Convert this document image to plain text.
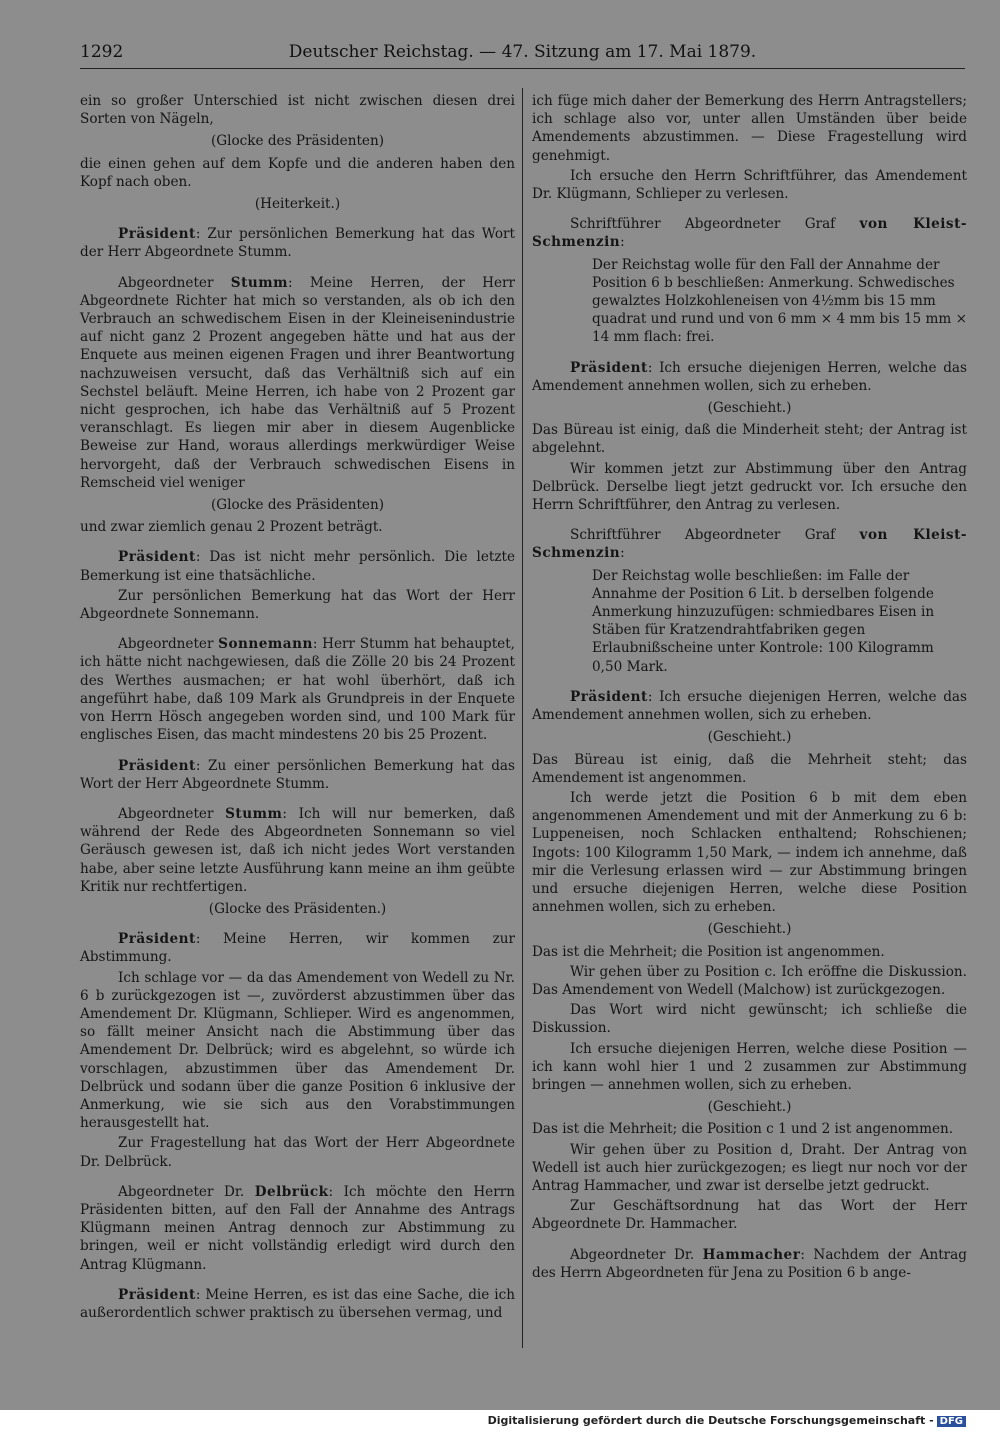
1292	Deutscher Reichstag. — 47. Sitzung am 17. Mai 1879.

ein so großer Unterschied ist nicht zwischen diesen drei Sorten von Nägeln,

(Glocke des Präsidenten)

die einen gehen auf dem Kopfe und die anderen haben den Kopf nach oben.

(Heiterkeit.)

Präsident: Zur persönlichen Bemerkung hat das Wort der Herr Abgeordnete Stumm.

Abgeordneter Stumm: Meine Herren, der Herr Abgeordnete Richter hat mich so verstanden, als ob ich den Verbrauch an schwedischem Eisen in der Kleineisenindustrie auf nicht ganz 2 Prozent angegeben hätte und hat aus der Enquete aus meinen eigenen Fragen und ihrer Beantwortung nachzuweisen versucht, daß das Verhältniß sich auf ein Sechstel beläuft. Meine Herren, ich habe von 2 Prozent gar nicht gesprochen, ich habe das Verhältniß auf 5 Prozent veranschlagt. Es liegen mir aber in diesem Augenblicke Beweise zur Hand, woraus allerdings merkwürdiger Weise hervorgeht, daß der Verbrauch schwedischen Eisens in Remscheid viel weniger

(Glocke des Präsidenten)

und zwar ziemlich genau 2 Prozent beträgt.

Präsident: Das ist nicht mehr persönlich. Die letzte Bemerkung ist eine thatsächliche.

Zur persönlichen Bemerkung hat das Wort der Herr Abgeordnete Sonnemann.

Abgeordneter Sonnemann: Herr Stumm hat behauptet, ich hätte nicht nachgewiesen, daß die Zölle 20 bis 24 Prozent des Werthes ausmachen; er hat wohl überhört, daß ich angeführt habe, daß 109 Mark als Grundpreis in der Enquete von Herrn Hösch angegeben worden sind, und 100 Mark für englisches Eisen, das macht mindestens 20 bis 25 Prozent.

Präsident: Zu einer persönlichen Bemerkung hat das Wort der Herr Abgeordnete Stumm.

Abgeordneter Stumm: Ich will nur bemerken, daß während der Rede des Abgeordneten Sonnemann so viel Geräusch gewesen ist, daß ich nicht jedes Wort verstanden habe, aber seine letzte Ausführung kann meine an ihm geübte Kritik nur rechtfertigen.

(Glocke des Präsidenten.)

Präsident: Meine Herren, wir kommen zur Abstimmung.

Ich schlage vor — da das Amendement von Wedell zu Nr. 6 b zurückgezogen ist —, zuvörderst abzustimmen über das Amendement Dr. Klügmann, Schlieper. Wird es angenommen, so fällt meiner Ansicht nach die Abstimmung über das Amendement Dr. Delbrück; wird es abgelehnt, so würde ich vorschlagen, abzustimmen über das Amendement Dr. Delbrück und sodann über die ganze Position 6 inklusive der Anmerkung, wie sie sich aus den Vorabstimmungen herausgestellt hat.

Zur Fragestellung hat das Wort der Herr Abgeordnete Dr. Delbrück.

Abgeordneter Dr. Delbrück: Ich möchte den Herrn Präsidenten bitten, auf den Fall der Annahme des Antrags Klügmann meinen Antrag dennoch zur Abstimmung zu bringen, weil er nicht vollständig erledigt wird durch den Antrag Klügmann.

Präsident: Meine Herren, es ist das eine Sache, die ich außerordentlich schwer praktisch zu übersehen vermag, und

ich füge mich daher der Bemerkung des Herrn Antragstellers; ich schlage also vor, unter allen Umständen über beide Amendements abzustimmen. — Diese Fragestellung wird genehmigt.

Ich ersuche den Herrn Schriftführer, das Amendement Dr. Klügmann, Schlieper zu verlesen.

Schriftführer Abgeordneter Graf von Kleist-Schmenzin:

Der Reichstag wolle für den Fall der Annahme der Position 6 b beschließen: Anmerkung. Schwedisches gewalztes Holzkohleneisen von 4½mm bis 15 mm quadrat und rund und von 6 mm × 4 mm bis 15 mm × 14 mm flach: frei.

Präsident: Ich ersuche diejenigen Herren, welche das Amendement annehmen wollen, sich zu erheben.

(Geschieht.)

Das Büreau ist einig, daß die Minderheit steht; der Antrag ist abgelehnt.

Wir kommen jetzt zur Abstimmung über den Antrag Delbrück. Derselbe liegt jetzt gedruckt vor. Ich ersuche den Herrn Schriftführer, den Antrag zu verlesen.

Schriftführer Abgeordneter Graf von Kleist-Schmenzin:

Der Reichstag wolle beschließen: im Falle der Annahme der Position 6 Lit. b derselben folgende Anmerkung hinzuzufügen: schmiedbares Eisen in Stäben für Kratzendrahtfabriken gegen Erlaubnißscheine unter Kontrole: 100 Kilogramm 0,50 Mark.

Präsident: Ich ersuche diejenigen Herren, welche das Amendement annehmen wollen, sich zu erheben.

(Geschieht.)

Das Büreau ist einig, daß die Mehrheit steht; das Amendement ist angenommen.

Ich werde jetzt die Position 6 b mit dem eben angenommenen Amendement und mit der Anmerkung zu 6 b: Luppeneisen, noch Schlacken enthaltend; Rohschienen; Ingots: 100 Kilogramm 1,50 Mark, — indem ich annehme, daß mir die Verlesung erlassen wird — zur Abstimmung bringen und ersuche diejenigen Herren, welche diese Position annehmen wollen, sich zu erheben.

(Geschieht.)

Das ist die Mehrheit; die Position ist angenommen.

Wir gehen über zu Position c. Ich eröffne die Diskussion. Das Amendement von Wedell (Malchow) ist zurückgezogen.

Das Wort wird nicht gewünscht; ich schließe die Diskussion.

Ich ersuche diejenigen Herren, welche diese Position — ich kann wohl hier 1 und 2 zusammen zur Abstimmung bringen — annehmen wollen, sich zu erheben.

(Geschieht.)

Das ist die Mehrheit; die Position c 1 und 2 ist angenommen.

Wir gehen über zu Position d, Draht. Der Antrag von Wedell ist auch hier zurückgezogen; es liegt nur noch vor der Antrag Hammacher, und zwar ist derselbe jetzt gedruckt.

Zur Geschäftsordnung hat das Wort der Herr Abgeordnete Dr. Hammacher.

Abgeordneter Dr. Hammacher: Nachdem der Antrag des Herrn Abgeordneten für Jena zu Position 6 b ange-

Digitalisierung gefördert durch die Deutsche Forschungsgemeinschaft - DFG
